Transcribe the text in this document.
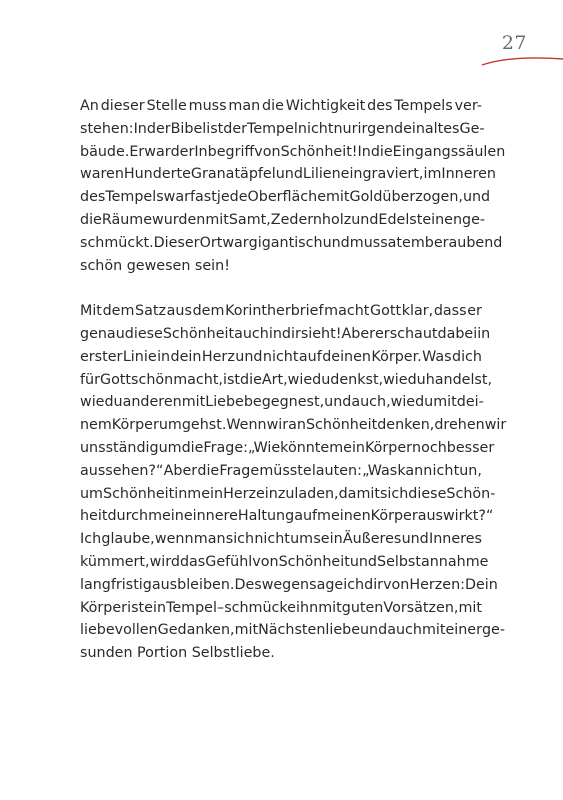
27
An dieser Stelle muss man die Wichtigkeit des Tempels ver-
stehen: In der Bibel ist der Tempel nicht nur irgendein altes Ge-
bäude. Er war der Inbegriff von Schönheit! In die Eingangssäulen
waren Hunderte Granatäpfel und Lilien eingraviert, im Inneren
des Tempels war fast jede Oberfläche mit Gold überzogen, und
die Räume wurden mit Samt, Zedernholz und Edelsteinen ge-
schmückt. Dieser Ort war gigantisch und muss atemberaubend
schön gewesen sein!
Mit dem Satz aus dem Korintherbrief macht Gott klar, dass er
genau diese Schönheit auch in dir sieht! Aber er schaut dabei in
erster Linie in dein Herz und nicht auf deinen Körper. Was dich
für Gott schön macht, ist die Art, wie du denkst, wie du handelst,
wie du anderen mit Liebe begegnest, und auch, wie du mit dei-
nem Körper umgehst. Wenn wir an Schönheit denken, drehen wir
uns ständig um die Frage: „Wie könnte mein Körper noch besser
aussehen?“ Aber die Frage müsste lauten: „Was kann ich tun,
um Schönheit in mein Herz einzuladen, damit sich diese Schön-
heit durch meine innere Haltung auf meinen Körper auswirkt?“
Ich glaube, wenn man sich nicht um sein Äußeres und Inneres
kümmert, wird das Gefühl von Schönheit und Selbstannahme
langfristig ausbleiben. Deswegen sage ich dir von Herzen: Dein
Körper ist ein Tempel – schmücke ihn mit guten Vorsätzen, mit
liebevollen Gedanken, mit Nächstenliebe und auch mit einer ge-
sunden Portion Selbstliebe.
